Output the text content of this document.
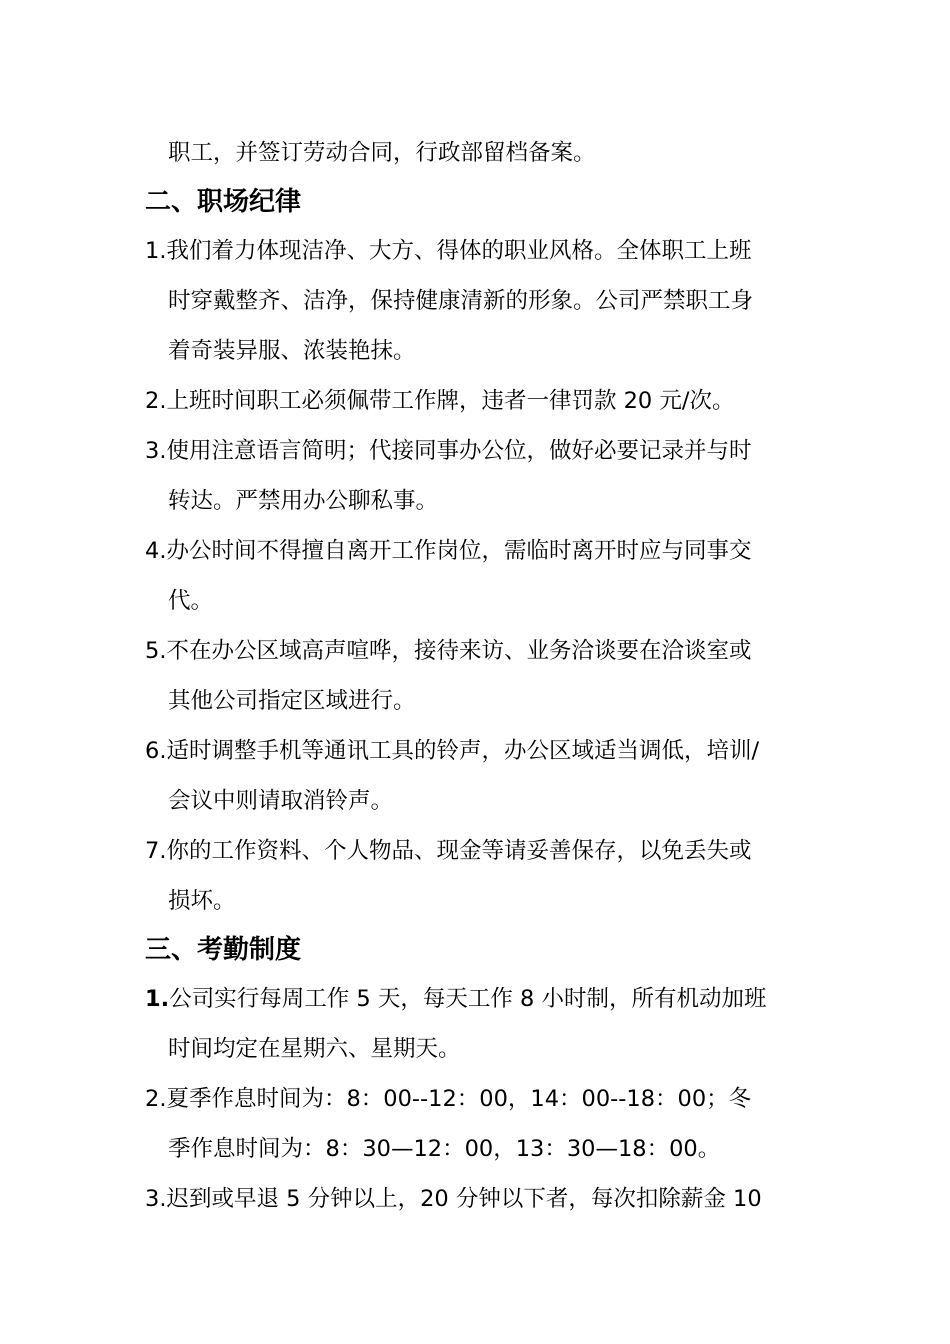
职工，并签订劳动合同，行政部留档备案。
二、职场纪律
1.我们着力体现洁净、大方、得体的职业风格。全体职工上班
时穿戴整齐、洁净，保持健康清新的形象。公司严禁职工身
着奇装异服、浓装艳抹。
2.上班时间职工必须佩带工作牌，违者一律罚款 20 元/次。
3.使用注意语言简明；代接同事办公位，做好必要记录并与时
转达。严禁用办公聊私事。
4.办公时间不得擅自离开工作岗位，需临时离开时应与同事交
代。
5.不在办公区域高声喧哗，接待来访、业务洽谈要在洽谈室或
其他公司指定区域进行。
6.适时调整手机等通讯工具的铃声，办公区域适当调低，培训/
会议中则请取消铃声。
7.你的工作资料、个人物品、现金等请妥善保存，以免丢失或
损坏。
三、考勤制度
1.公司实行每周工作 5 天，每天工作 8 小时制，所有机动加班
时间均定在星期六、星期天。
2.夏季作息时间为：8：00--12：00，14：00--18：00；冬
季作息时间为：8：30—12：00，13：30—18：00。
3.迟到或早退 5 分钟以上，20 分钟以下者，每次扣除薪金 10
